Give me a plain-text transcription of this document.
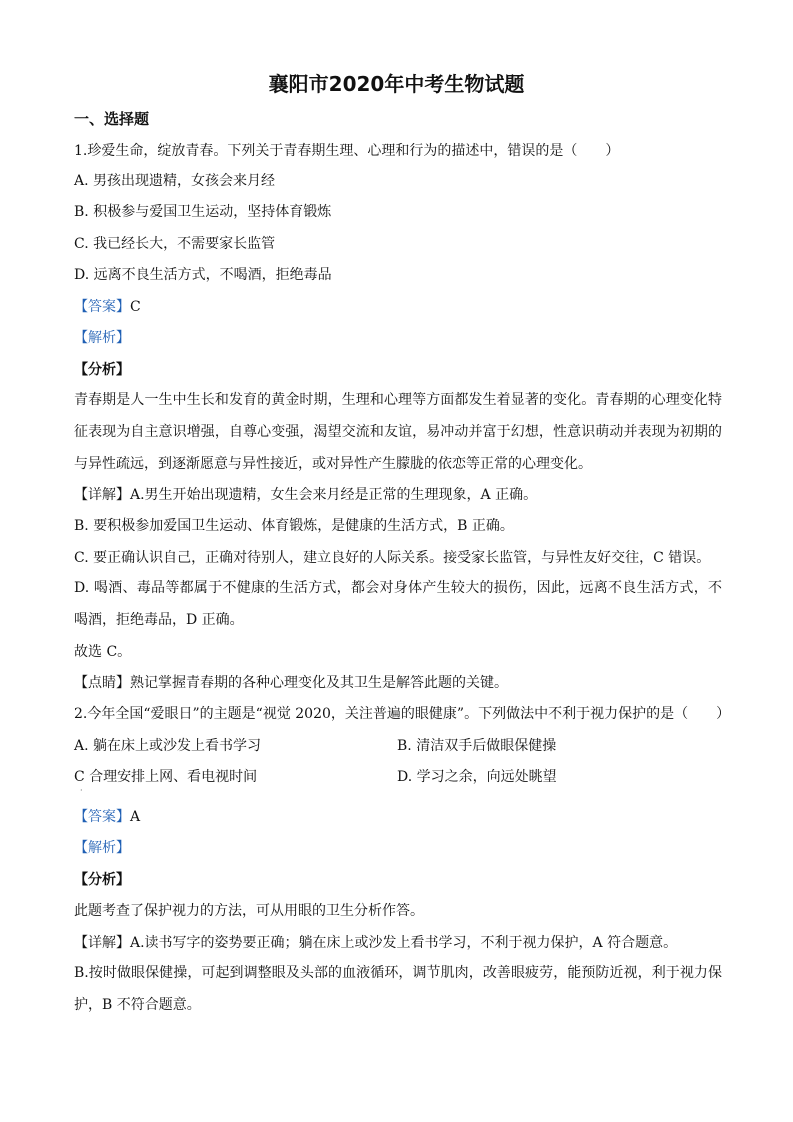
襄阳市2020年中考生物试题
一、选择题
1.珍爱生命，绽放青春。下列关于青春期生理、心理和行为的描述中，错误的是（　　）
A. 男孩出现遗精，女孩会来月经
B. 积极参与爱国卫生运动，坚持体育锻炼
C. 我已经长大，不需要家长监管
D. 远离不良生活方式，不喝酒，拒绝毒品
【答案】C
【解析】
【分析】
青春期是人一生中生长和发育的黄金时期，生理和心理等方面都发生着显著的变化。青春期的心理变化特征表现为自主意识增强，自尊心变强，渴望交流和友谊，易冲动并富于幻想，性意识萌动并表现为初期的与异性疏远，到逐渐愿意与异性接近，或对异性产生朦胧的依恋等正常的心理变化。
【详解】A.男生开始出现遗精，女生会来月经是正常的生理现象，A 正确。
B. 要积极参加爱国卫生运动、体育锻炼，是健康的生活方式，B 正确。
C. 要正确认识自己，正确对待别人，建立良好的人际关系。接受家长监管，与异性友好交往，C 错误。
D. 喝酒、毒品等都属于不健康的生活方式，都会对身体产生较大的损伤，因此，远离不良生活方式，不喝酒，拒绝毒品，D 正确。
故选 C。
【点睛】熟记掌握青春期的各种心理变化及其卫生是解答此题的关键。
2.今年全国“爱眼日”的主题是“视觉 2020，关注普遍的眼健康”。下列做法中不利于视力保护的是（　　）
A. 躺在床上或沙发上看书学习	B. 清洁双手后做眼保健操
C 合理安排上网、看电视时间	D. 学习之余，向远处眺望
·
【答案】A
【解析】
【分析】
此题考查了保护视力的方法，可从用眼的卫生分析作答。
【详解】A.读书写字的姿势要正确；躺在床上或沙发上看书学习，不利于视力保护，A 符合题意。
B.按时做眼保健操，可起到调整眼及头部的血液循环，调节肌肉，改善眼疲劳，能预防近视，利于视力保护，B 不符合题意。
